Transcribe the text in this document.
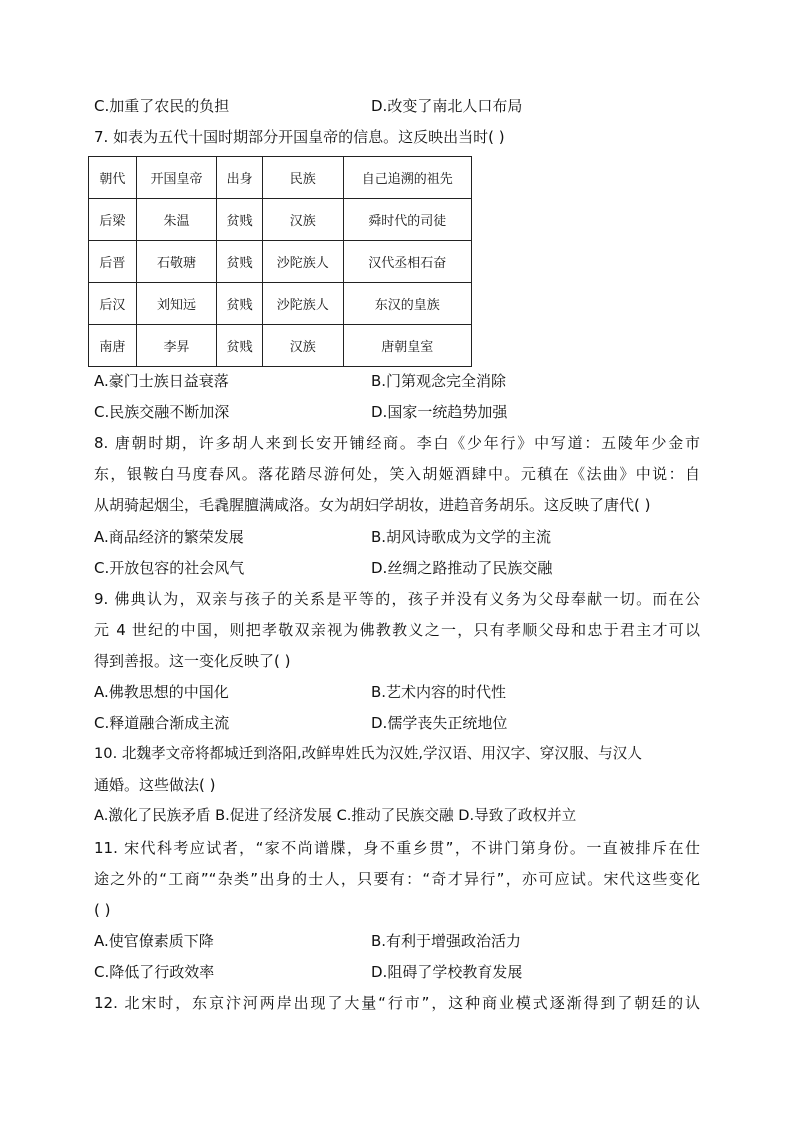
C.加重了农民的负担	D.改变了南北人口布局
7. 如表为五代十国时期部分开国皇帝的信息。这反映出当时( )
朝代	开国皇帝	出身	民族	自己追溯的祖先
后梁	朱温	贫贱	汉族	舜时代的司徒
后晋	石敬瑭	贫贱	沙陀族人	汉代丞相石奋
后汉	刘知远	贫贱	沙陀族人	东汉的皇族
南唐	李昇	贫贱	汉族	唐朝皇室
A.豪门士族日益衰落	B.门第观念完全消除
C.民族交融不断加深	D.国家一统趋势加强
8. 唐朝时期，许多胡人来到长安开铺经商。李白《少年行》中写道：五陵年少金市
东，银鞍白马度春风。落花踏尽游何处，笑入胡姬酒肆中。元稹在《法曲》中说：自
从胡骑起烟尘，毛毳腥膻满咸洛。女为胡妇学胡妆，进趋音务胡乐。这反映了唐代( )
A.商品经济的繁荣发展	B.胡风诗歌成为文学的主流
C.开放包容的社会风气	D.丝绸之路推动了民族交融
9. 佛典认为，双亲与孩子的关系是平等的，孩子并没有义务为父母奉献一切。而在公
元 4 世纪的中国，则把孝敬双亲视为佛教教义之一，只有孝顺父母和忠于君主才可以
得到善报。这一变化反映了( )
A.佛教思想的中国化	B.艺术内容的时代性
C.释道融合渐成主流	D.儒学丧失正统地位
10. 北魏孝文帝将都城迁到洛阳,改鲜卑姓氏为汉姓,学汉语、用汉字、穿汉服、与汉人
通婚。这些做法( )
A.激化了民族矛盾 B.促进了经济发展 C.推动了民族交融 D.导致了政权并立
11. 宋代科考应试者，“家不尚谱牒，身不重乡贯”，不讲门第身份。一直被排斥在仕
途之外的“工商”“杂类”出身的士人，只要有：“奇才异行”，亦可应试。宋代这些变化
( )
A.使官僚素质下降	B.有利于增强政治活力
C.降低了行政效率	D.阻碍了学校教育发展
12. 北宋时，东京汴河两岸出现了大量“行市”，这种商业模式逐渐得到了朝廷的认
